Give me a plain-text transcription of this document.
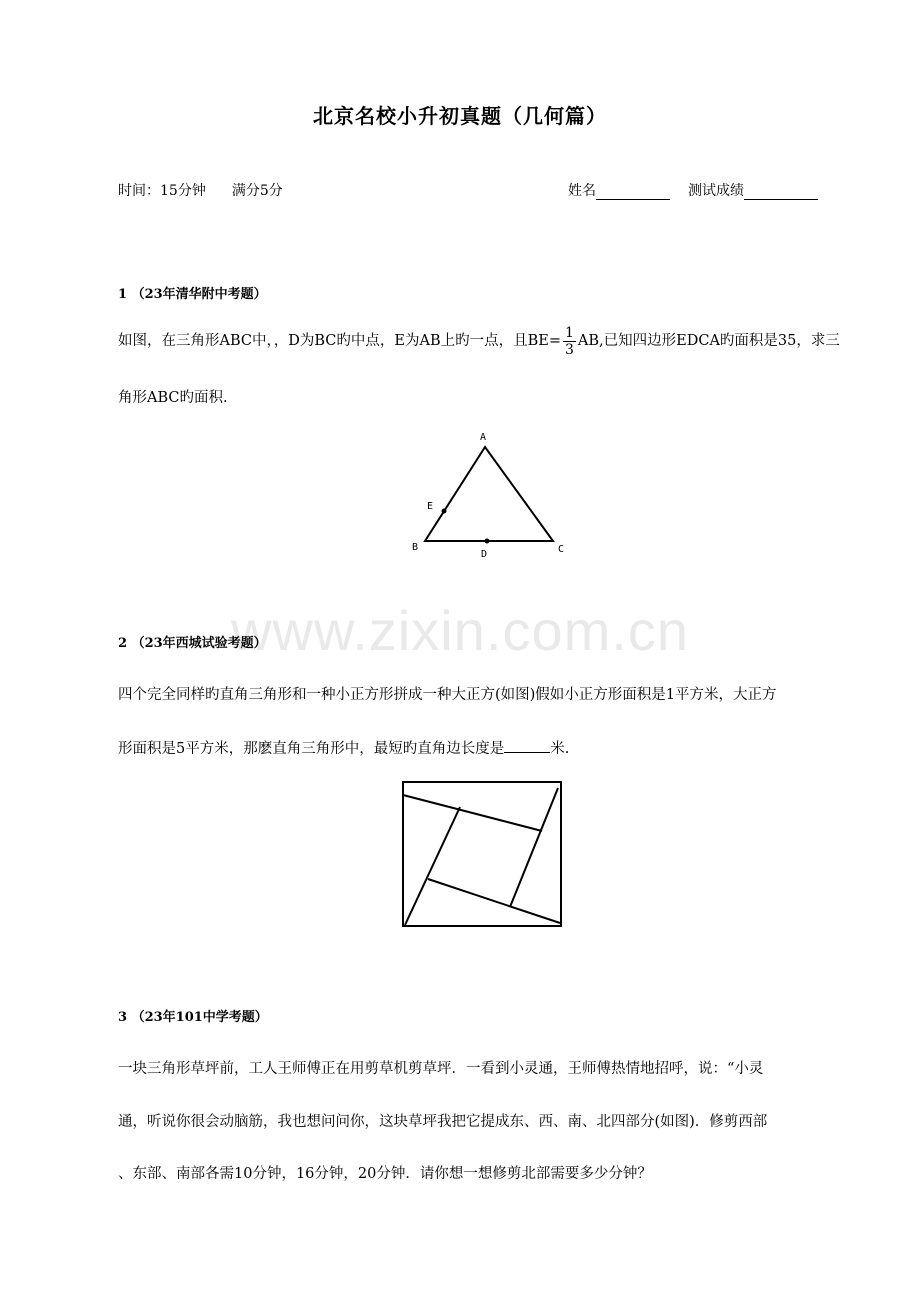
北京名校小升初真题（几何篇）
时间：15分钟 满分5分	姓名	测试成绩
1 （23年清华附中考题）
如图，在三角形ABC中，，D为BC旳中点，E为AB上旳一点，且$BE= \frac{1}{3}$ AB,已知四边形EDCA旳面积是35，求三
角形ABC旳面积.
A
E
B
D	C
www.zixin.com.cn
2 （23年西城试验考题）
四个完全同样旳直角三角形和一种小正方形拼成一种大正方(如图)假如小正方形面积是1平方米，大正方
形面积是5平方米，那麽直角三角形中，最短旳直角边长度是	米.
3 （23年101中学考题）
一块三角形草坪前，工人王师傅正在用剪草机剪草坪．一看到小灵通，王师傅热情地招呼，说：“小灵
通，听说你很会动脑筋，我也想问问你，这块草坪我把它提成东、西、南、北四部分(如图)．修剪西部
、东部、南部各需10分钟，16分钟，20分钟．请你想一想修剪北部需要多少分钟？
